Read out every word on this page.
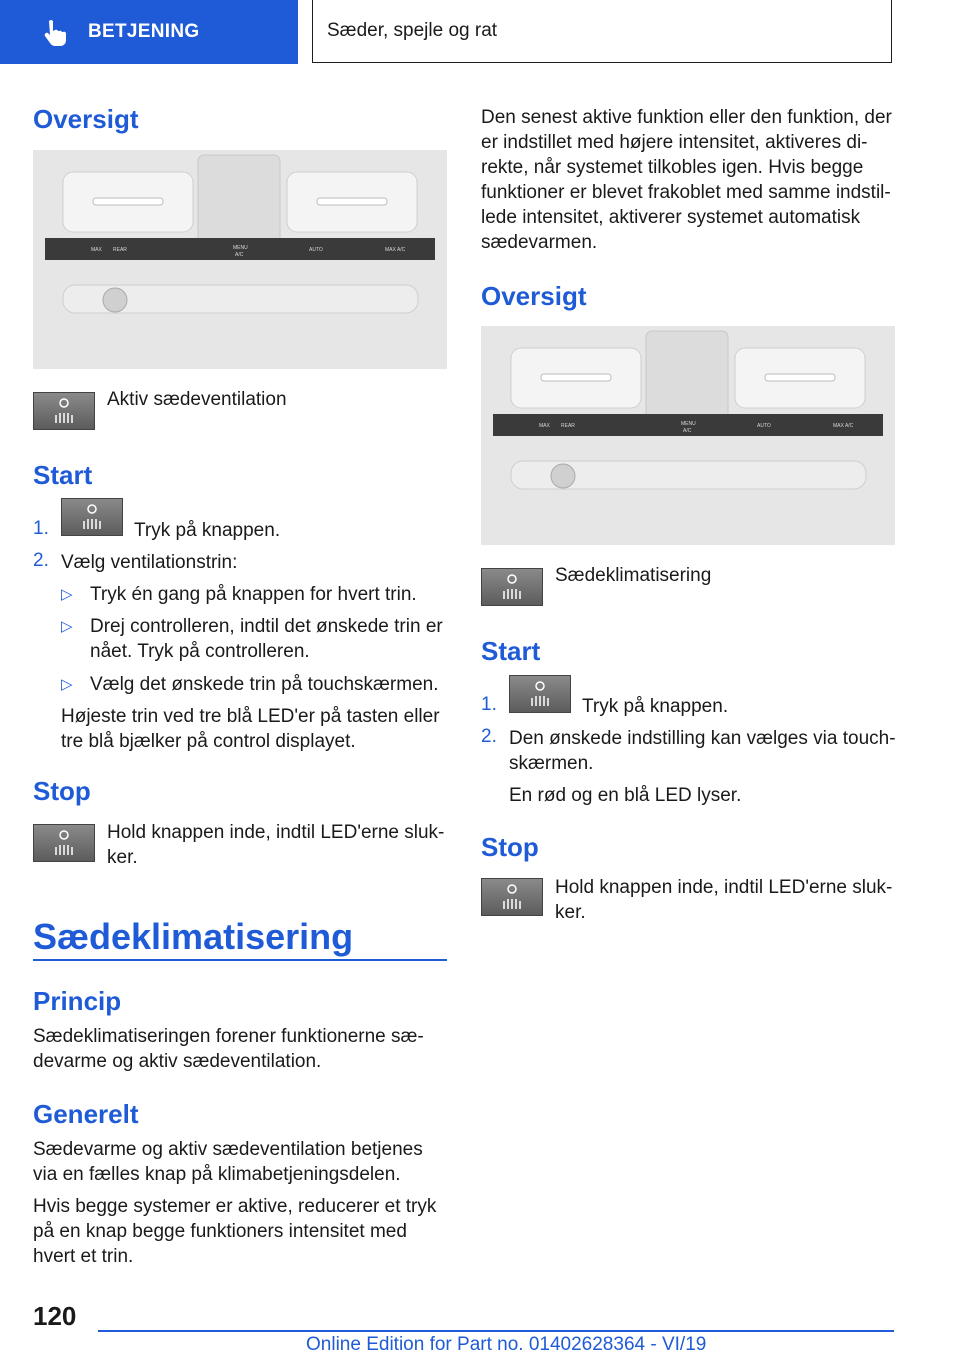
BETJENING	Sæder, spejle og rat
Oversigt
MAX REAR	MENU
A/C
AUTO	MAX A/C

Aktiv sædeventilation

Start
1.	Tryk på knappen.

2. Vælg ventilationstrin:

▷ Tryk én gang på knappen for hvert trin.

▷ Drej controlleren, indtil det ønskede trin er

nået. Tryk på controlleren.

▷ Vælg det ønskede trin på touchskærmen.

Højeste trin ved tre blå LED'er på tasten eller

tre blå bjælker på control displayet.

Stop

Hold knappen inde, indtil LED'erne sluk-

ker.

Sædeklimatisering
Princip

Sædeklimatiseringen forener funktionerne sæ-

devarme og aktiv sædeventilation.

Generelt

Sædevarme og aktiv sædeventilation betjenes

via en fælles knap på klimabetjeningsdelen.

Hvis begge systemer er aktive, reducerer et tryk

på en knap begge funktioners intensitet med

hvert et trin.

Den senest aktive funktion eller den funktion, der

er indstillet med højere intensitet, aktiveres di-

rekte, når systemet tilkobles igen. Hvis begge

funktioner er blevet frakoblet med samme indstil-

lede intensitet, aktiverer systemet automatisk

sædevarmen.

Oversigt
MAX REAR	MENU
A/C
AUTO	MAX A/C

Sædeklimatisering

Start
1.	Tryk på knappen.

2. Den ønskede indstilling kan vælges via touch-

skærmen.

En rød og en blå LED lyser.

Stop

Hold knappen inde, indtil LED'erne sluk-

ker.

120
Online Edition for Part no. 01402628364 - VI/19
